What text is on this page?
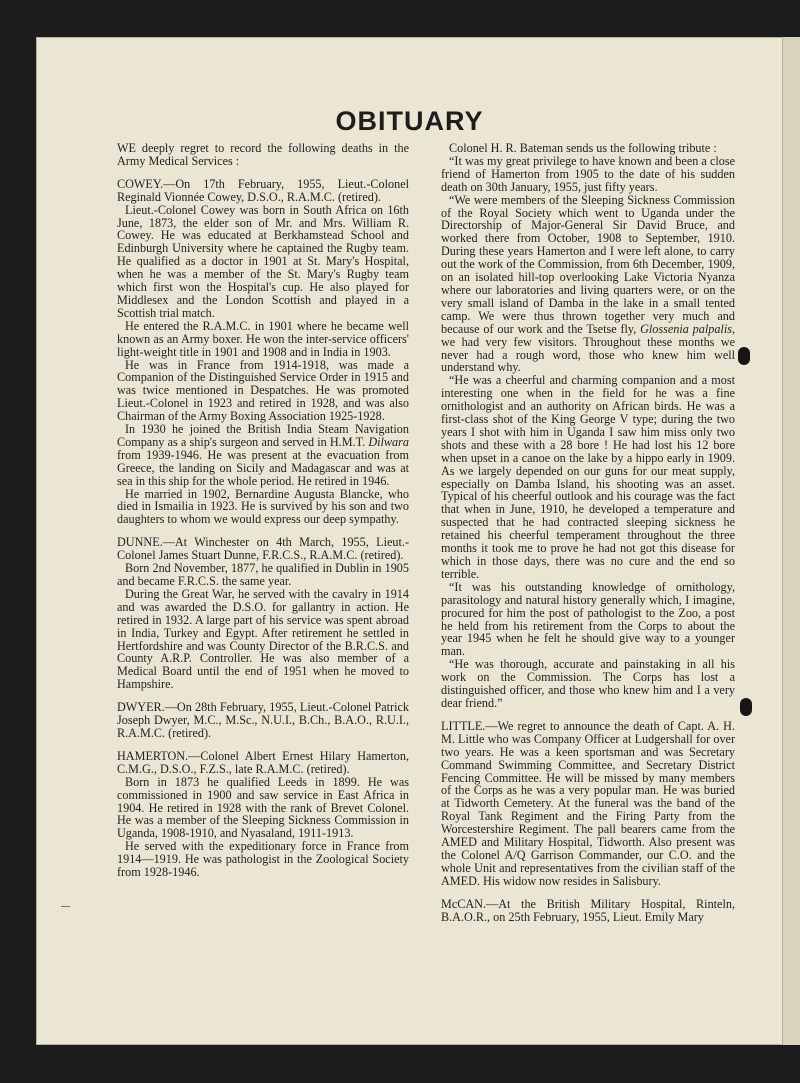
OBITUARY

WE deeply regret to record the following deaths in the Army Medical Services :

COWEY.—On 17th February, 1955, Lieut.-Colonel Reginald Vionnée Cowey, D.S.O., R.A.M.C. (retired).

Lieut.-Colonel Cowey was born in South Africa on 16th June, 1873, the elder son of Mr. and Mrs. William R. Cowey. He was educated at Berkhamstead School and Edinburgh University where he captained the Rugby team. He qualified as a doctor in 1901 at St. Mary's Hospital, when he was a member of the St. Mary's Rugby team which first won the Hospital's cup. He also played for Middlesex and the London Scottish and played in a Scottish trial match.

He entered the R.A.M.C. in 1901 where he became well known as an Army boxer. He won the inter-service officers' light-weight title in 1901 and 1908 and in India in 1903.

He was in France from 1914-1918, was made a Companion of the Distinguished Service Order in 1915 and was twice mentioned in Despatches. He was promoted Lieut.-Colonel in 1923 and retired in 1928, and was also Chairman of the Army Boxing Association 1925-1928.

In 1930 he joined the British India Steam Navigation Company as a ship's surgeon and served in H.M.T. Dilwara from 1939-1946. He was present at the evacuation from Greece, the landing on Sicily and Madagascar and was at sea in this ship for the whole period. He retired in 1946.

He married in 1902, Bernardine Augusta Blancke, who died in Ismailia in 1923. He is survived by his son and two daughters to whom we would express our deep sympathy.

DUNNE.—At Winchester on 4th March, 1955, Lieut.-Colonel James Stuart Dunne, F.R.C.S., R.A.M.C. (retired).

Born 2nd November, 1877, he qualified in Dublin in 1905 and became F.R.C.S. the same year.

During the Great War, he served with the cavalry in 1914 and was awarded the D.S.O. for gallantry in action. He retired in 1932. A large part of his service was spent abroad in India, Turkey and Egypt. After retirement he settled in Hertfordshire and was County Director of the B.R.C.S. and County A.R.P. Controller. He was also member of a Medical Board until the end of 1951 when he moved to Hampshire.

DWYER.—On 28th February, 1955, Lieut.-Colonel Patrick Joseph Dwyer, M.C., M.Sc., N.U.I., B.Ch., B.A.O., R.U.I., R.A.M.C. (retired).

HAMERTON.—Colonel Albert Ernest Hilary Hamerton, C.M.G., D.S.O., F.Z.S., late R.A.M.C. (retired).

Born in 1873 he qualified Leeds in 1899. He was commissioned in 1900 and saw service in East Africa in 1904. He retired in 1928 with the rank of Brevet Colonel. He was a member of the Sleeping Sickness Commission in Uganda, 1908-1910, and Nyasaland, 1911-1913.

He served with the expeditionary force in France from 1914—1919. He was pathologist in the Zoological Society from 1928-1946.

Colonel H. R. Bateman sends us the following tribute :

“It was my great privilege to have known and been a close friend of Hamerton from 1905 to the date of his sudden death on 30th January, 1955, just fifty years.

“We were members of the Sleeping Sickness Commission of the Royal Society which went to Uganda under the Directorship of Major-General Sir David Bruce, and worked there from October, 1908 to September, 1910. During these years Hamerton and I were left alone, to carry out the work of the Commission, from 6th December, 1909, on an isolated hill-top overlooking Lake Victoria Nyanza where our laboratories and living quarters were, or on the very small island of Damba in the lake in a small tented camp. We were thus thrown together very much and because of our work and the Tsetse fly, Glossenia palpalis, we had very few visitors. Throughout these months we never had a rough word, those who knew him well understand why.

“He was a cheerful and charming companion and a most interesting one when in the field for he was a fine ornithologist and an authority on African birds. He was a first-class shot of the King George V type; during the two years I shot with him in Uganda I saw him miss only two shots and these with a 28 bore ! He had lost his 12 bore when upset in a canoe on the lake by a hippo early in 1909. As we largely depended on our guns for our meat supply, especially on Damba Island, his shooting was an asset. Typical of his cheerful outlook and his courage was the fact that when in June, 1910, he developed a temperature and suspected that he had contracted sleeping sickness he retained his cheerful temperament throughout the three months it took me to prove he had not got this disease for which in those days, there was no cure and the end so terrible.

“It was his outstanding knowledge of ornithology, parasitology and natural history generally which, I imagine, procured for him the post of pathologist to the Zoo, a post he held from his retirement from the Corps to about the year 1945 when he felt he should give way to a younger man.

“He was thorough, accurate and painstaking in all his work on the Commission. The Corps has lost a distinguished officer, and those who knew him and I a very dear friend.”

LITTLE.—We regret to announce the death of Capt. A. H. M. Little who was Company Officer at Ludgershall for over two years. He was a keen sportsman and was Secretary Command Swimming Committee, and Secretary District Fencing Committee. He will be missed by many members of the Corps as he was a very popular man. He was buried at Tidworth Cemetery. At the funeral was the band of the Royal Tank Regiment and the Firing Party from the Worcestershire Regiment. The pall bearers came from the AMED and Military Hospital, Tidworth. Also present was the Colonel A/Q Garrison Commander, our C.O. and the whole Unit and representatives from the civilian staff of the AMED. His widow now resides in Salisbury.

McCAN.—At the British Military Hospital, Rinteln, B.A.O.R., on 25th February, 1955, Lieut. Emily Mary

80
